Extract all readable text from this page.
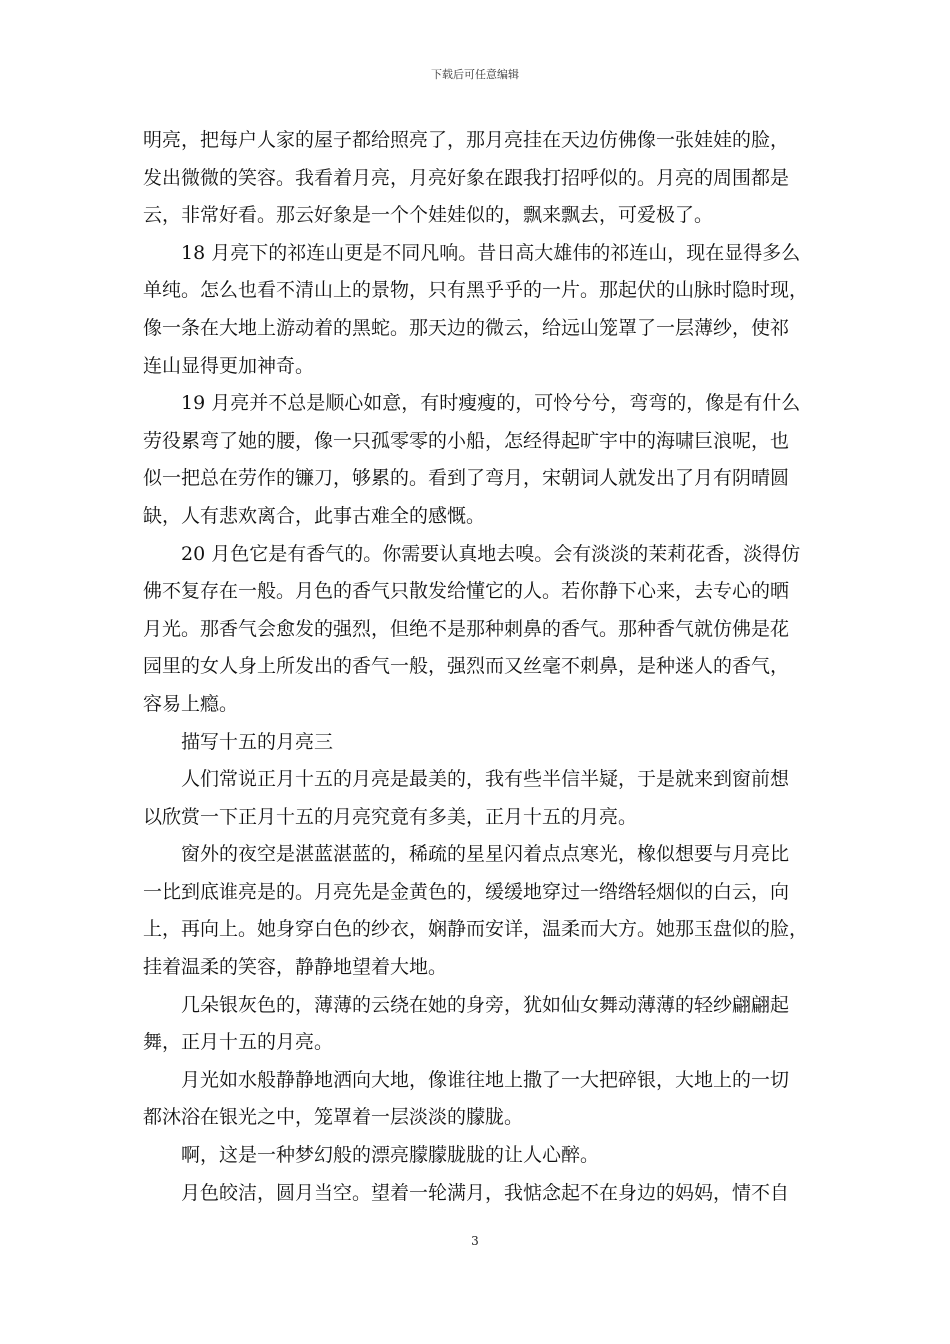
下载后可任意编辑
明亮，把每户人家的屋子都给照亮了，那月亮挂在天边仿佛像一张娃娃的脸，
发出微微的笑容。我看着月亮，月亮好象在跟我打招呼似的。月亮的周围都是
云，非常好看。那云好象是一个个娃娃似的，飘来飘去，可爱极了。
18 月亮下的祁连山更是不同凡响。昔日高大雄伟的祁连山，现在显得多么
单纯。怎么也看不清山上的景物，只有黑乎乎的一片。那起伏的山脉时隐时现，
像一条在大地上游动着的黑蛇。那天边的微云，给远山笼罩了一层薄纱，使祁
连山显得更加神奇。
19 月亮并不总是顺心如意，有时瘦瘦的，可怜兮兮，弯弯的，像是有什么
劳役累弯了她的腰，像一只孤零零的小船，怎经得起旷宇中的海啸巨浪呢，也
似一把总在劳作的镰刀，够累的。看到了弯月，宋朝词人就发出了月有阴晴圆
缺，人有悲欢离合，此事古难全的感慨。
20 月色它是有香气的。你需要认真地去嗅。会有淡淡的茉莉花香，淡得仿
佛不复存在一般。月色的香气只散发给懂它的人。若你静下心来，去专心的晒
月光。那香气会愈发的强烈，但绝不是那种刺鼻的香气。那种香气就仿佛是花
园里的女人身上所发出的香气一般，强烈而又丝毫不刺鼻，是种迷人的香气，
容易上瘾。
描写十五的月亮三
人们常说正月十五的月亮是最美的，我有些半信半疑，于是就来到窗前想
以欣赏一下正月十五的月亮究竟有多美，正月十五的月亮。
窗外的夜空是湛蓝湛蓝的，稀疏的星星闪着点点寒光，橡似想要与月亮比
一比到底谁亮是的。月亮先是金黄色的，缓缓地穿过一绺绺轻烟似的白云，向
上，再向上。她身穿白色的纱衣，娴静而安详，温柔而大方。她那玉盘似的脸，
挂着温柔的笑容，静静地望着大地。
几朵银灰色的，薄薄的云绕在她的身旁，犹如仙女舞动薄薄的轻纱翩翩起
舞，正月十五的月亮。
月光如水般静静地洒向大地，像谁往地上撒了一大把碎银，大地上的一切
都沐浴在银光之中，笼罩着一层淡淡的朦胧。
啊，这是一种梦幻般的漂亮朦朦胧胧的让人心醉。
月色皎洁，圆月当空。望着一轮满月，我惦念起不在身边的妈妈，情不自
3
